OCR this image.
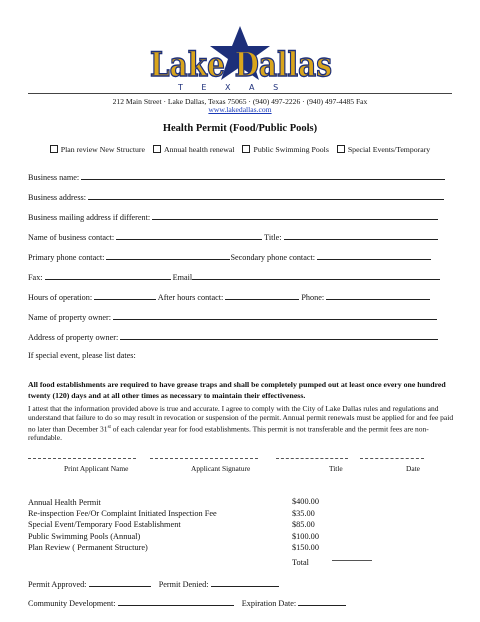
Lake Dallas
T E X A S
212 Main Street · Lake Dallas, Texas 75065 · (940) 497-2226 · (940) 497-4485 Fax
www.lakedallas.com
Health Permit (Food/Public Pools)
Plan review New Structure Annual health renewal Public Swimming Pools Special Events/Temporary
Business name:
Business address:
Business mailing address if different:
Name of business contact:	Title:
Primary phone contact:	Secondary phone contact:
Fax:	Email
Hours of operation:	After hours contact:	Phone:
Name of property owner:
Address of property owner:
If special event, please list dates:
All food establishments are required to have grease traps and shall be completely pumped out at least once every one hundred twenty (120) days and at all other times as necessary to maintain their effectiveness.
I attest that the information provided above is true and accurate. I agree to comply with the City of Lake Dallas rules and regulations and understand that failure to do so may result in revocation or suspension of the permit. Annual permit renewals must be applied for and fee paid no later than December 31st of each calendar year for food establishments. This permit is not transferable and the permit fees are non-refundable.
Print Applicant Name	Applicant Signature	Title	Date
Annual Health Permit	$400.00
Re-inspection Fee/Or Complaint Initiated Inspection Fee	$35.00
Special Event/Temporary Food Establishment	$85.00
Public Swimming Pools (Annual)	$100.00
Plan Review ( Permanent Structure)	$150.00
Total
Permit Approved:	Permit Denied:
Community Development:	Expiration Date:
